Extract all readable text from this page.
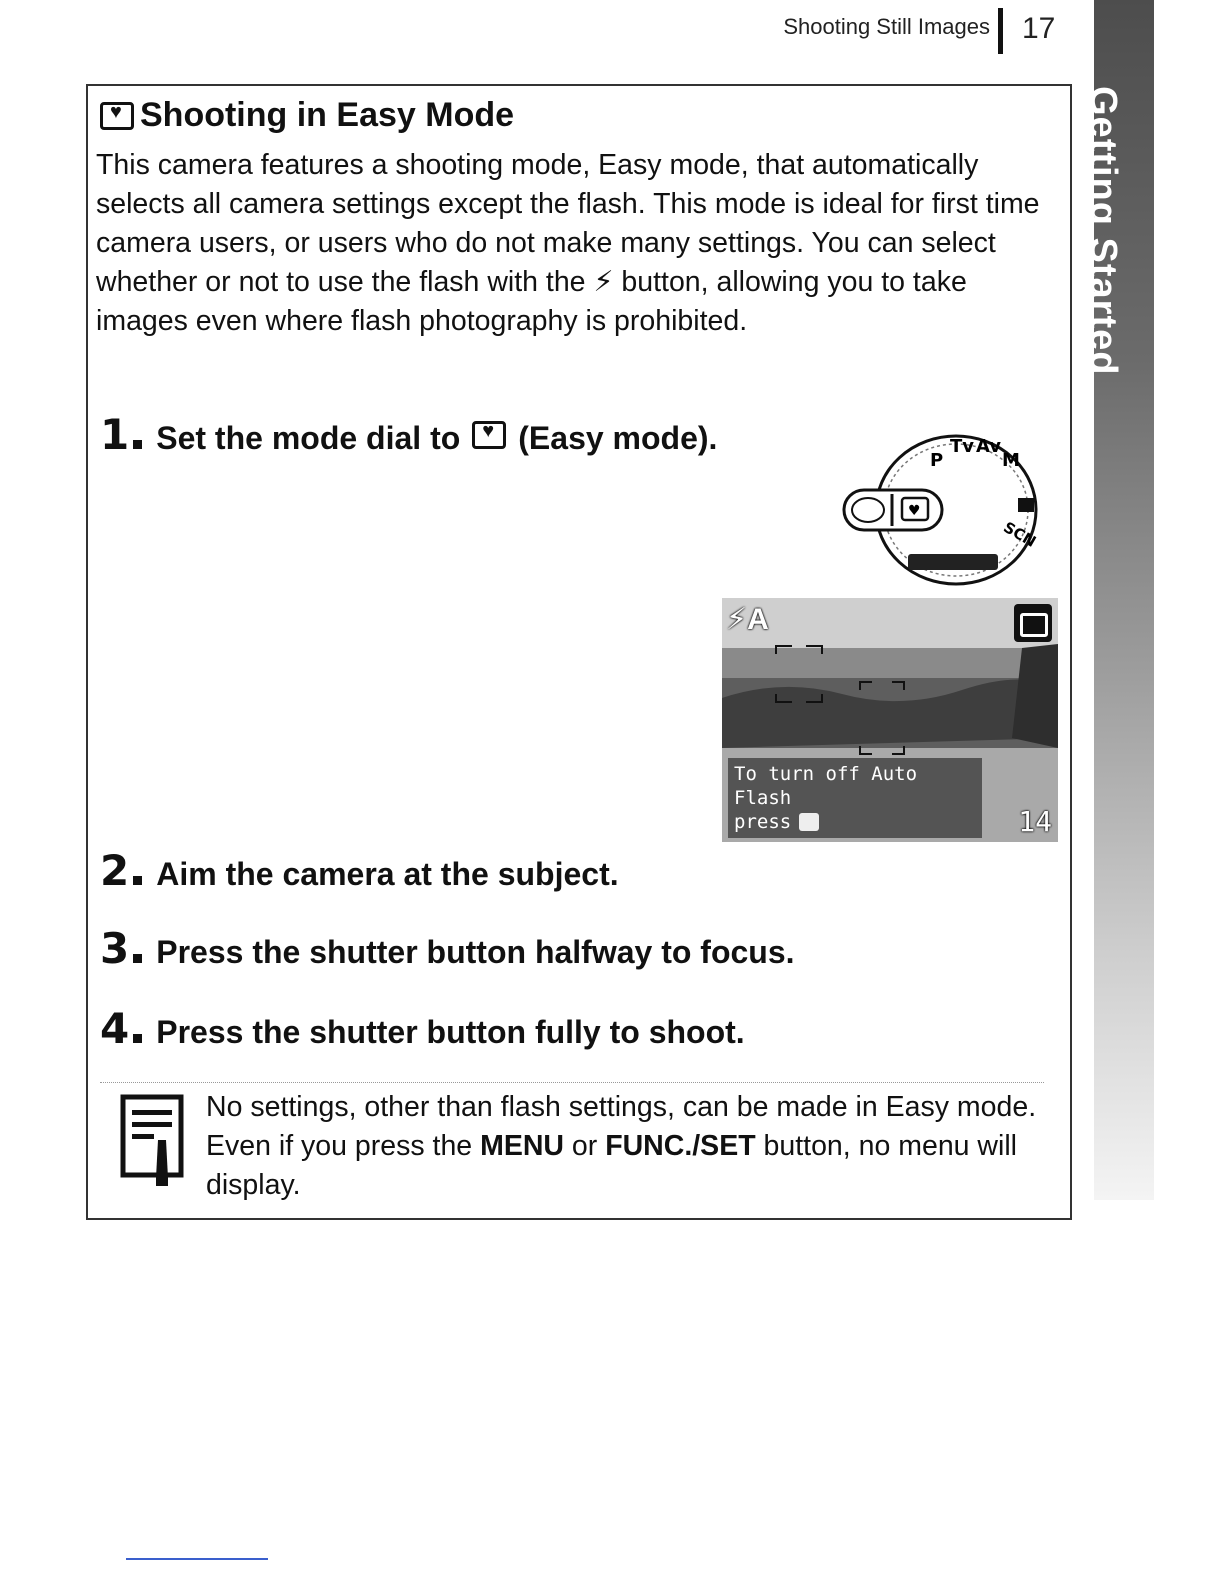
Shooting Still Images 17
Getting Started
♥
Shooting in Easy Mode

This camera features a shooting mode, Easy mode, that automatically selects all camera settings except the flash. This mode is ideal for first time camera users, or users who do not make many settings. You can select whether or not to use the flash with the ⚡ button, allowing you to take images even where flash photography is prohibited.

1 Set the mode dial to
♥ (Easy mode).
P
Tv Av
M
SCN
♥
⚡A
To turn off Auto Flash
press	14
2 Aim the camera at the subject.
3 Press the shutter button halfway to focus.
4 Press the shutter button fully to shoot.

No settings, other than flash settings, can be made in Easy mode. Even if you press the MENU or FUNC./SET button, no menu will display.
